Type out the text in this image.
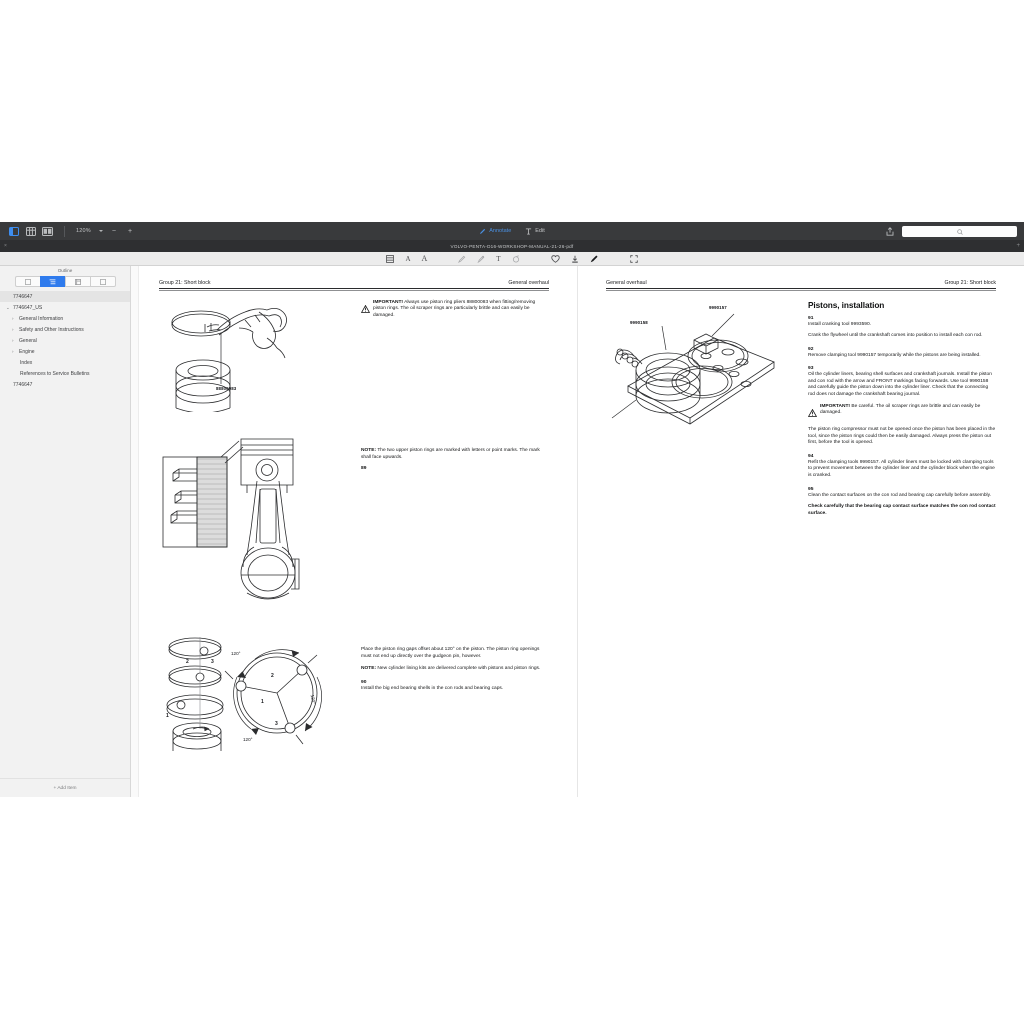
120%	−	+	Annotate	Edit
×	VOLVO-PENTA-D16-WORKSHOP-MANUAL-21-26-pdf	+
A A	T
Outline
7746647
⌄ 7746647_US
›	General Information
›	Safety and Other Instructions
›	General
›	Engine
Index
References to Service Bulletins
7746647
+ Add Item
Group 21: Short block	General overhaul
88800083
120°
120°
120°
2
1
3
2	3
1

IMPORTANT! Always use piston ring pliers 88800083 when fitting/removing piston rings. The oil scraper rings are particularly brittle and can easily be damaged.

NOTE: The two upper piston rings are marked with letters or point marks. The mark shall face upwards.

89

Place the piston ring gaps offset about 120° on the piston. The piston ring openings must not end up directly over the gudgeon pin, however.

NOTE: New cylinder lining kits are delivered complete with pistons and piston rings.

90

Install the big end bearing shells in the con rods and bearing caps.

General overhaul	Group 21: Short block
9990157
9990158
Pistons, installation

91

Install cranking tool 9993590.

Crank the flywheel until the crankshaft comes into position to install each con rod.

92

Remove clamping tool 9990157 temporarily while the pistons are being installed.

93

Oil the cylinder liners, bearing shell surfaces and crankshaft journals. Install the piston and con rod with the arrow and FRONT markings facing forwards. Use tool 9990158 and carefully guide the piston down into the cylinder liner. Check that the connecting rod does not damage the crankshaft bearing journal.

IMPORTANT! Be careful. The oil scraper rings are brittle and can easily be damaged.

The piston ring compressor must not be opened once the piston has been placed in the tool, since the piston rings could then be easily damaged. Always press the piston out first, before the tool is opened.

94

Refit the clamping tools 9990157. All cylinder liners must be locked with clamping tools to prevent movement between the cylinder liner and the cylinder block when the engine is cranked.

95

Clean the contact surfaces on the con rod and bearing cap carefully before assembly.

Check carefully that the bearing cap contact surface matches the con rod contact surface.
